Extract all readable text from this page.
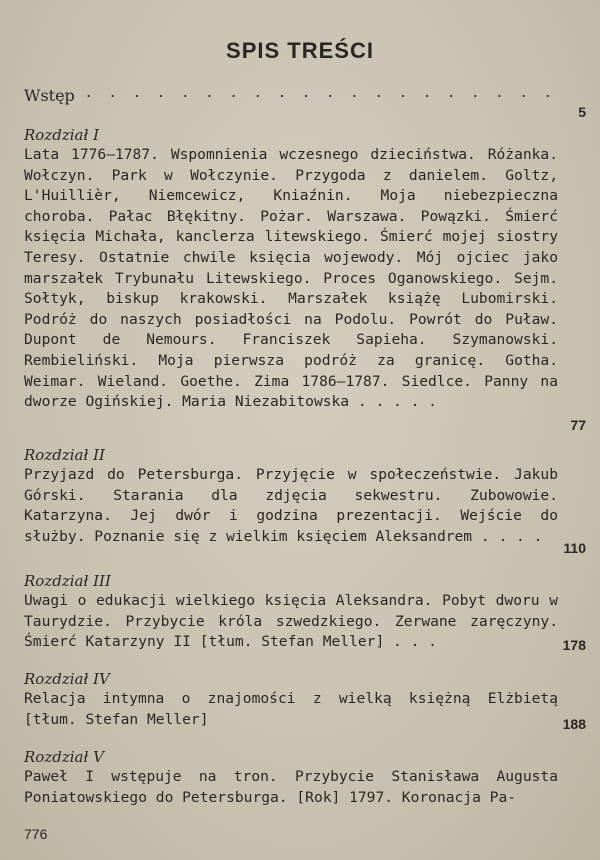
SPIS TREŚCI
Wstęp . . . . . . . . . . . . . . . . . . . .
5
Rozdział I
Lata 1776—1787. Wspomnienia wczesnego dzieciństwa. Różanka. Wołczyn. Park w Wołczynie. Przygoda z danielem. Goltz, L'Huillièr, Niemcewicz, Kniaźnin. Moja niebezpieczna choroba. Pałac Błękitny. Pożar. Warszawa. Powązki. Śmierć księcia Michała, kanclerza litewskiego. Śmierć mojej siostry Teresy. Ostatnie chwile księcia wojewody. Mój ojciec jako marszałek Trybunału Litewskiego. Proces Oganowskiego. Sejm. Sołtyk, biskup krakowski. Marszałek książę Lubomirski. Podróż do naszych posiadłości na Podolu. Powrót do Puław. Dupont de Nemours. Franciszek Sapieha. Szymanowski. Rembieliński. Moja pierwsza podróż za granicę. Gotha. Weimar. Wieland. Goethe. Zima 1786—1787. Siedlce. Panny na dworze Ogińskiej. Maria Niezabitowska . . . . .
77
Rozdział II
Przyjazd do Petersburga. Przyjęcie w społeczeństwie. Jakub Górski. Starania dla zdjęcia sekwestru. Zubowowie. Katarzyna. Jej dwór i godzina prezentacji. Wejście do służby. Poznanie się z wielkim księciem Aleksandrem . . . .
110
Rozdział III
Uwagi o edukacji wielkiego księcia Aleksandra. Pobyt dworu w Taurydzie. Przybycie króla szwedzkiego. Zerwane zaręczyny. Śmierć Katarzyny II [tłum. Stefan Meller] . . .	178
Rozdział IV
Relacja intymna o znajomości z wielką księżną Elżbietą [tłum. Stefan Meller]	188
Rozdział V
Paweł I wstępuje na tron. Przybycie Stanisława Augusta Poniatowskiego do Petersburga. [Rok] 1797. Koronacja Pa-
776
